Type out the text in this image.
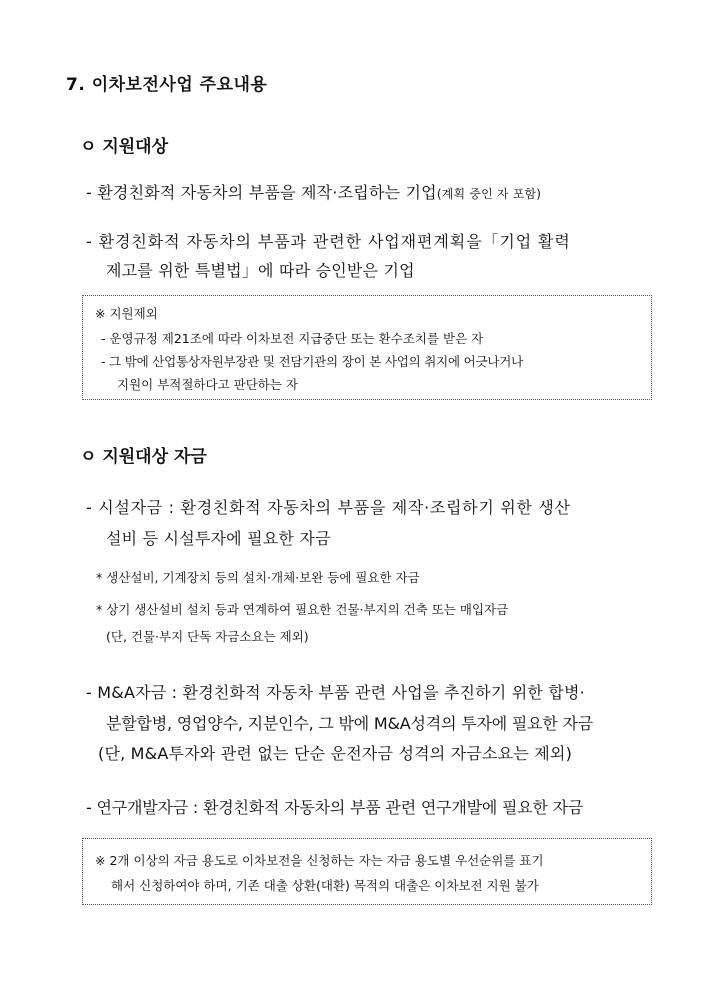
7. 이차보전사업 주요내용
ㅇ 지원대상
- 환경친화적 자동차의 부품을 제작·조립하는 기업(계획 중인 자 포함)
- 환경친화적 자동차의 부품과 관련한 사업재편계획을「기업 활력
제고를 위한 특별법」에 따라 승인받은 기업
※ 지원제외
- 운영규정 제21조에 따라 이차보전 지급중단 또는 환수조치를 받은 자
- 그 밖에 산업통상자원부장관 및 전담기관의 장이 본 사업의 취지에 어긋나거나
지원이 부적절하다고 판단하는 자
ㅇ 지원대상 자금
- 시설자금 : 환경친화적 자동차의 부품을 제작·조립하기 위한 생산
설비 등 시설투자에 필요한 자금
* 생산설비, 기계장치 등의 설치·개체·보완 등에 필요한 자금
* 상기 생산설비 설치 등과 연계하여 필요한 건물·부지의 건축 또는 매입자금
(단, 건물·부지 단독 자금소요는 제외)
- M&A자금 : 환경친화적 자동차 부품 관련 사업을 추진하기 위한 합병·
분할합병, 영업양수, 지분인수, 그 밖에 M&A성격의 투자에 필요한 자금
(단, M&A투자와 관련 없는 단순 운전자금 성격의 자금소요는 제외)
- 연구개발자금 : 환경친화적 자동차의 부품 관련 연구개발에 필요한 자금
※ 2개 이상의 자금 용도로 이차보전을 신청하는 자는 자금 용도별 우선순위를 표기
해서 신청하여야 하며, 기존 대출 상환(대환) 목적의 대출은 이차보전 지원 불가
